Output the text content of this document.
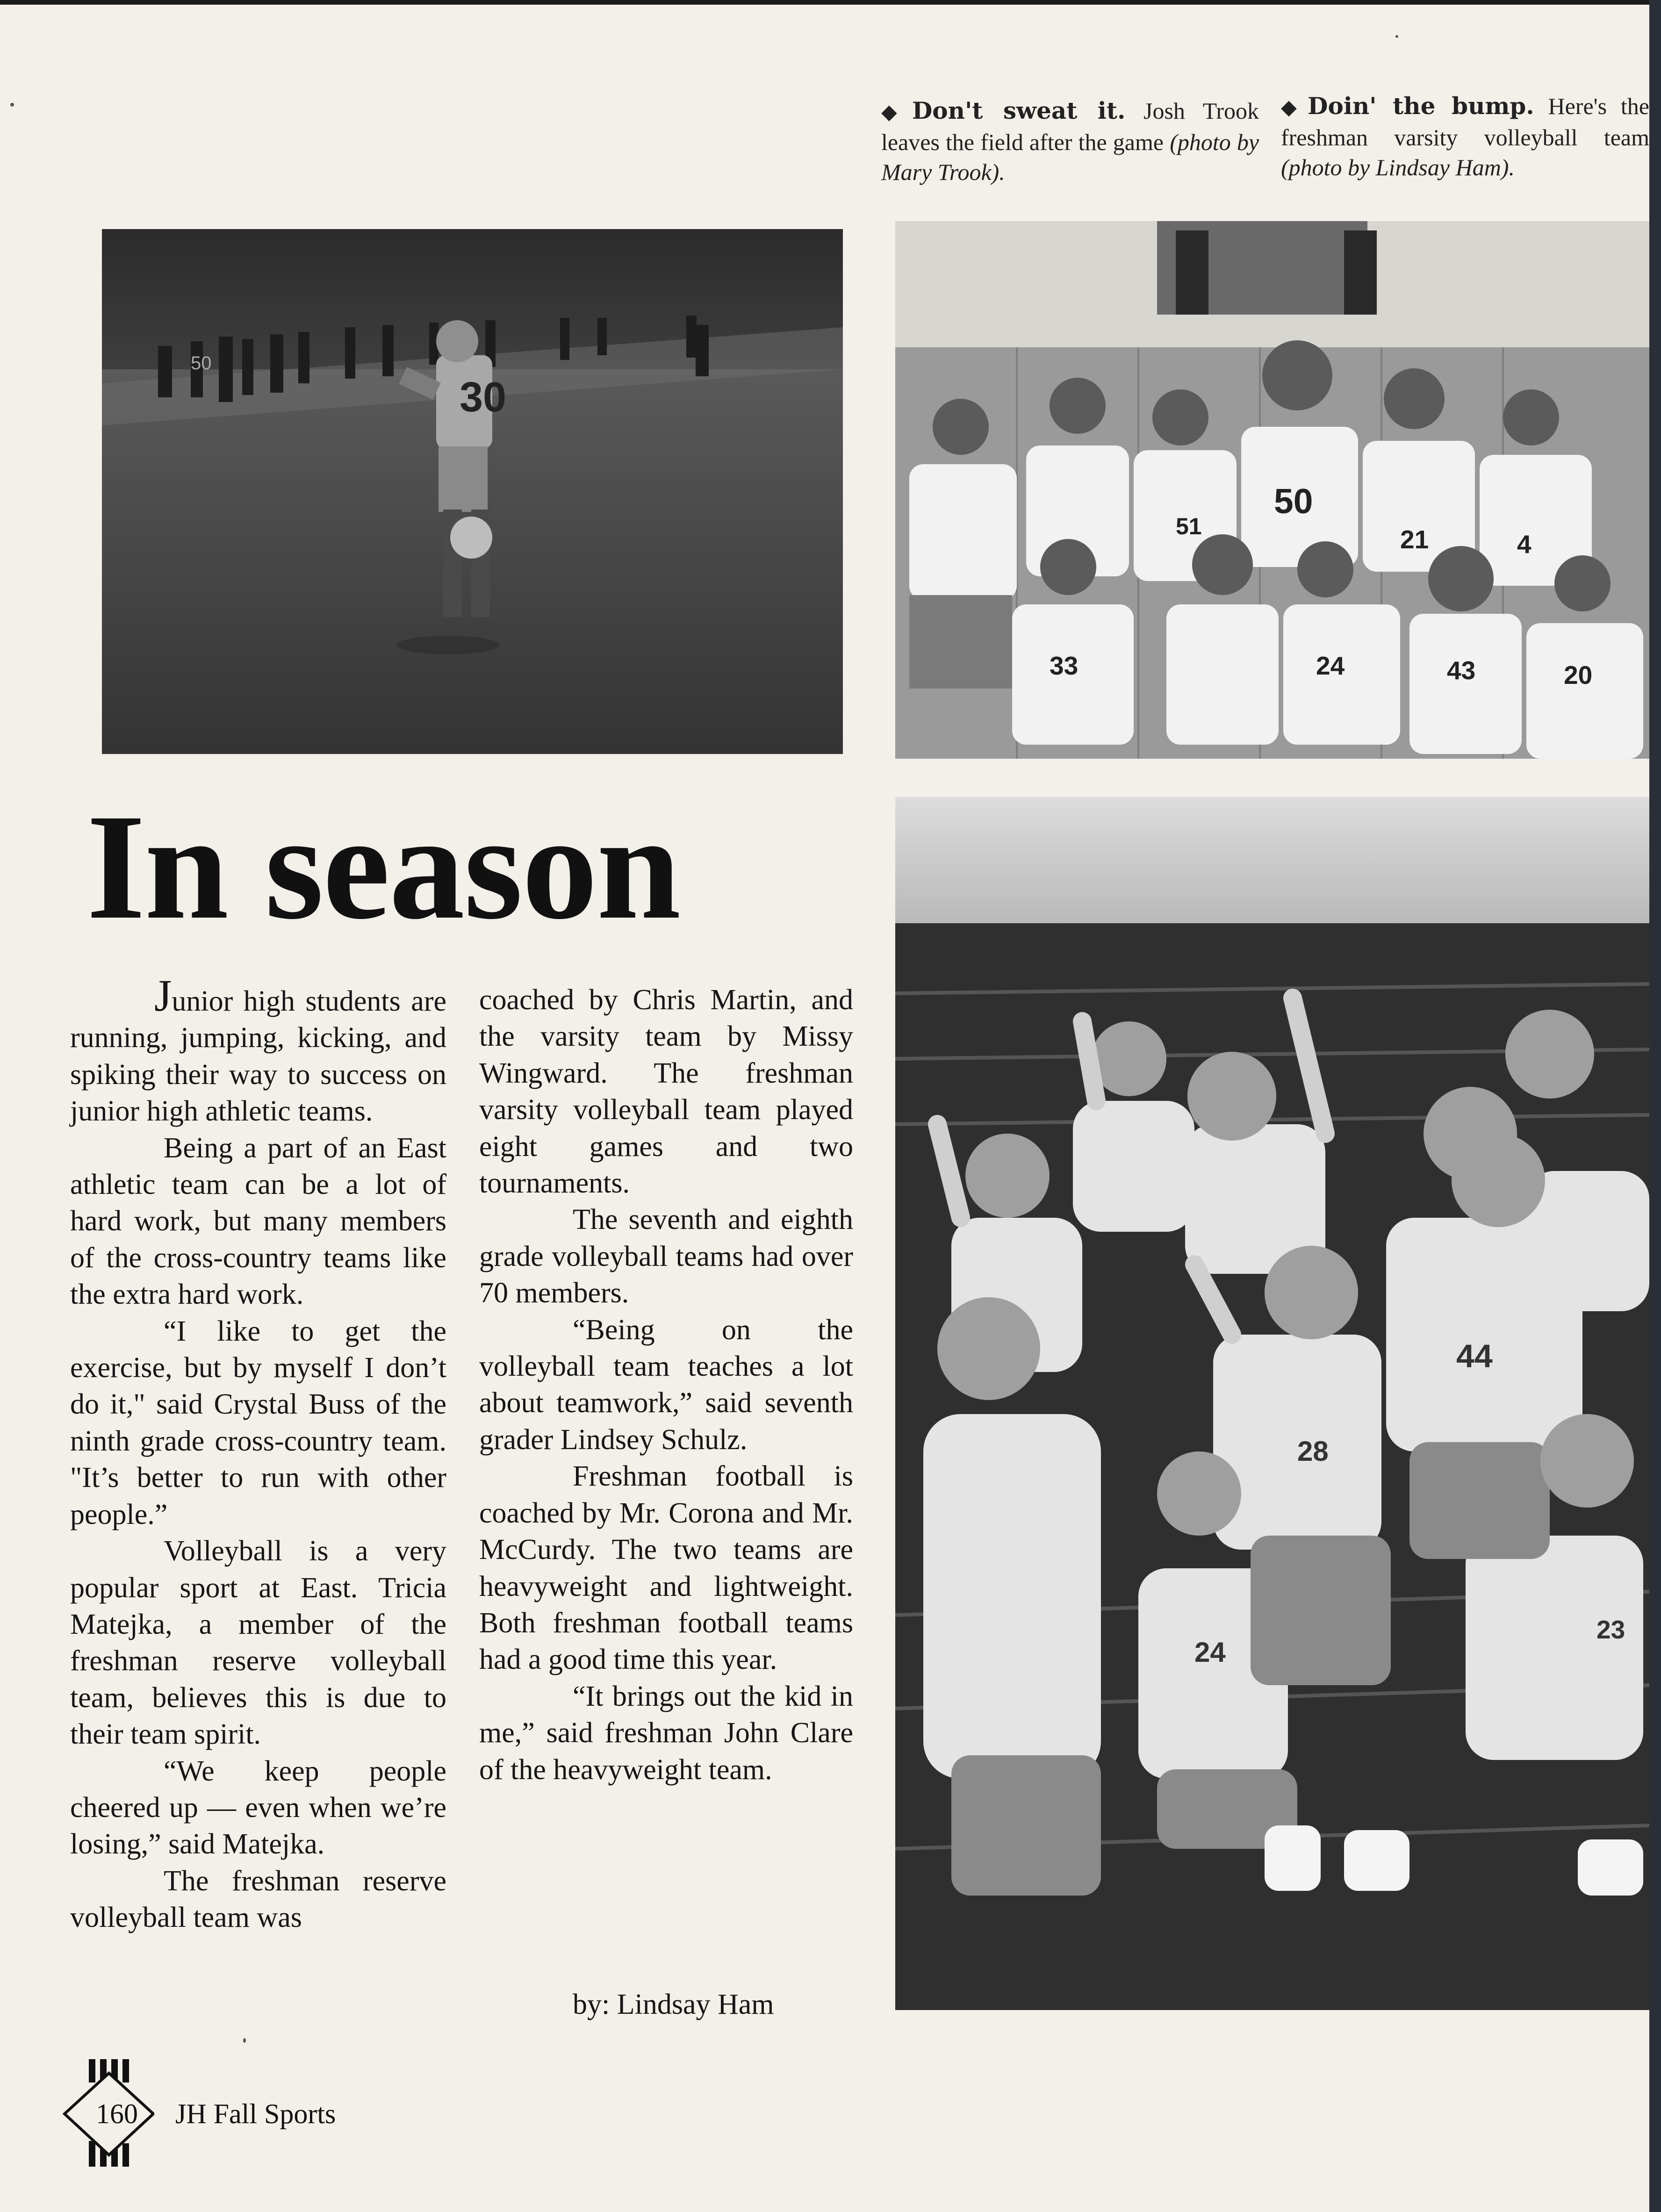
◆ Don't sweat it. Josh Trook leaves the field after the game (photo by Mary Trook).
◆ Doin' the bump. Here's the freshman varsity volleyball team (photo by Lindsay Ham).
50
30
51
50
21	4
33	24	43	20
In season

Junior high students are running, jumping, kicking, and spiking their way to success on junior high athletic teams.

Being a part of an East athletic team can be a lot of hard work, but many members of the cross-country teams like the extra hard work.

“I like to get the exercise, but by myself I don’t do it," said Crystal Buss of the ninth grade cross-country team. "It’s better to run with other people.”

Volleyball is a very popular sport at East. Tricia Matejka, a member of the freshman reserve volleyball team, believes this is due to their team spirit.

“We keep people cheered up — even when we’re losing,” said Matejka.

The freshman reserve volleyball team was

coached by Chris Martin, and the varsity team by Missy Wingward. The freshman varsity volleyball team played eight games and two tournaments.

The seventh and eighth grade volleyball teams had over 70 members.

“Being on the volleyball team teaches a lot about teamwork,” said seventh grader Lindsey Schulz.

Freshman football is coached by Mr. Corona and Mr. McCurdy. The two teams are heavyweight and lightweight. Both freshman football teams had a good time this year.

“It brings out the kid in me,” said freshman John Clare of the heavyweight team.

by: Lindsay Ham
44
28
24
23
160	JH Fall Sports
